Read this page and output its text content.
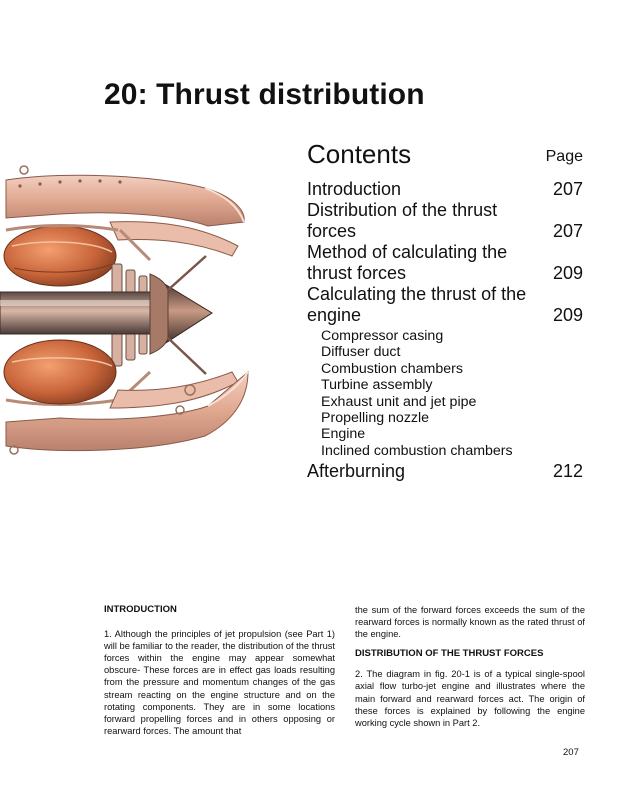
20: Thrust distribution
Contents	Page
Introduction	207
Distribution of the thrust forces	207
Method of calculating the thrust forces	209
Calculating the thrust of the engine	209
Compressor casing
Diffuser duct
Combustion chambers
Turbine assembly
Exhaust unit and jet pipe
Propelling nozzle
Engine
Inclined combustion chambers
Afterburning	212

INTRODUCTION

1. Although the principles of jet propulsion (see Part 1) will be familiar to the reader, the distribution of the thrust forces within the engine may appear somewhat obscure- These forces are in effect gas loads resulting from the pressure and momentum changes of the gas stream reacting on the engine structure and on the rotating components. They are in some locations forward propelling forces and in others opposing or rearward forces. The amount that

the sum of the forward forces exceeds the sum of the rearward forces is normally known as the rated thrust of the engine.

DISTRIBUTION OF THE THRUST FORCES

2. The diagram in fig. 20-1 is of a typical single-spool axial flow turbo-jet engine and illustrates where the main forward and rearward forces act. The origin of these forces is explained by following the engine working cycle shown in Part 2.

207
